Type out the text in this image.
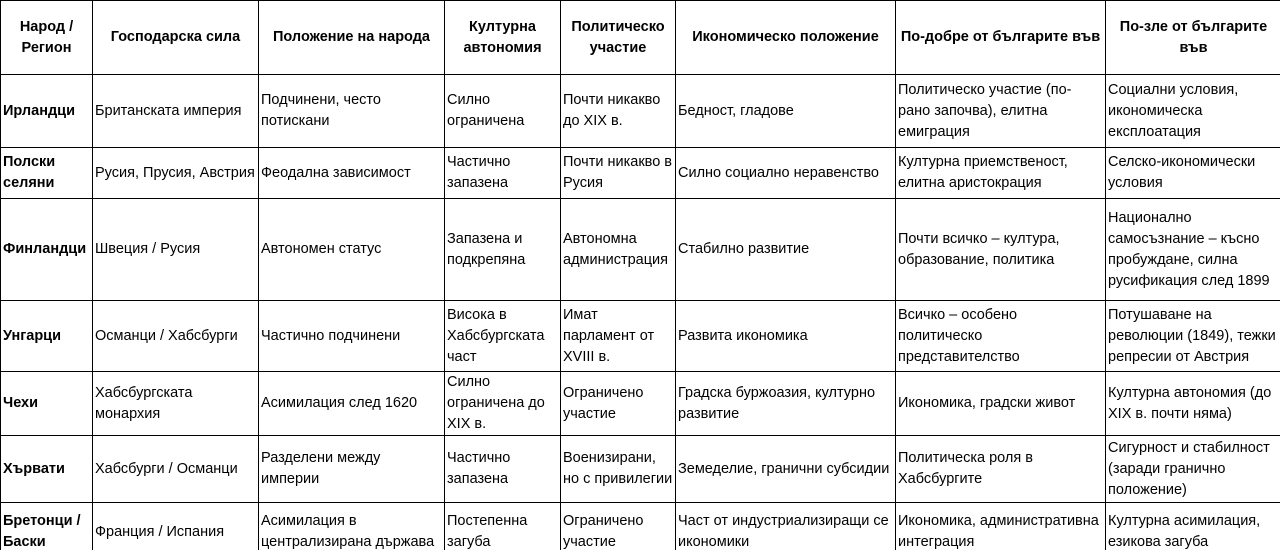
Народ / Регион	Господарска сила	Положение на народа	Културна автономия	Политическо участие	Икономическо положение	По-добре от българите във	По-зле от българите във
Ирландци	Британската империя	Подчинени, често потискани	Силно ограничена	Почти никакво до XIX в.	Бедност, гладове	Политическо участие (по-рано започва), елитна емиграция	Социални условия, икономическа експлоатация
Полски селяни	Русия, Прусия, Австрия	Феодална зависимост	Частично запазена	Почти никакво в Русия	Силно социално неравенство	Културна приемственост, елитна аристокрация	Селско-икономически условия
Финландци	Швеция / Русия	Автономен статус	Запазена и подкрепяна	Автономна администрация	Стабилно развитие	Почти всичко – култура, образование, политика	Национално самосъзнание – късно пробуждане, силна русификация след 1899
Унгарци	Османци / Хабсбурги	Частично подчинени	Висока в Хабсбургската част	Имат парламент от XVIII в.	Развита икономика	Всичко – особено политическо представителство	Потушаване на революции (1849), тежки репресии от Австрия
Чехи	Хабсбургската монархия	Асимилация след 1620	Силно ограничена до XIX в.	Ограничено участие	Градска буржоазия, културно развитие	Икономика, градски живот	Културна автономия (до XIX в. почти няма)
Хървати	Хабсбурги / Османци	Разделени между империи	Частично запазена	Военизирани, но с привилегии	Земеделие, гранични субсидии	Политическа роля в Хабсбургите	Сигурност и стабилност (заради гранично положение)
Бретонци / Баски	Франция / Испания	Асимилация в централизирана държава	Постепенна загуба	Ограничено участие	Част от индустриализиращи се икономики	Икономика, административна интеграция	Културна асимилация, езикова загуба
